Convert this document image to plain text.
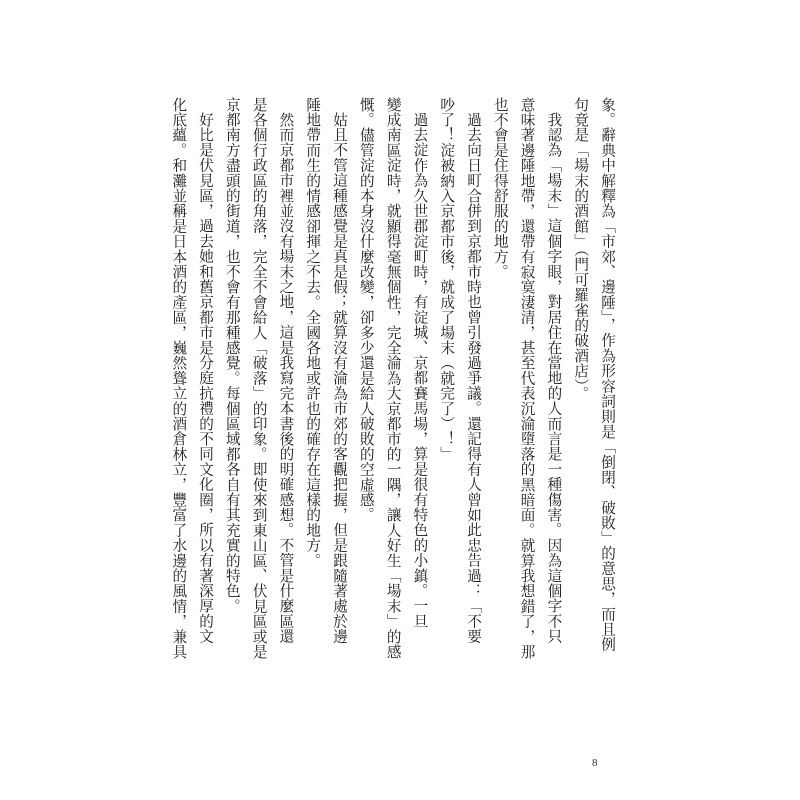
象。辭典中解釋為「市郊、邊陲」，作為形容詞則是「倒閉、破敗」的意思，而且例
句竟是「場末的酒館」（門可羅雀的破酒店）。
我認為「場末」這個字眼，對居住在當地的人而言是一種傷害。因為這個字不只
意味著邊陲地帶，還帶有寂寞淒清，甚至代表沉淪墮落的黑暗面。就算我想錯了，那
也不會是住得舒服的地方。
過去向日町合併到京都市時也曾引發過爭議。還記得有人曾如此忠告過：「不要
吵了！淀被納入京都市後，就成了場末（就完了）！」
過去淀作為久世郡淀町時，有淀城、京都賽馬場，算是很有特色的小鎮。一旦
變成南區淀時，就顯得毫無個性，完全淪為大京都市的一隅，讓人好生「場末」的感
慨。儘管淀的本身沒什麼改變，卻多少還是給人破敗的空虛感。
姑且不管這種感覺是真是假；就算沒有淪為市郊的客觀把握，但是跟隨著處於邊
陲地帶而生的情感卻揮之不去。全國各地或許也的確存在這樣的地方。
然而京都市裡並沒有場末之地，這是我寫完本書後的明確感想。不管是什麼區還
是各個行政區的角落，完全不會給人「破落」的印象。即使來到東山區、伏見區或是
京都南方盡頭的街道，也不會有那種感覺。每個區域都各自有其充實的特色。
好比是伏見區，過去她和舊京都市是分庭抗禮的不同文化圈，所以有著深厚的文
化底蘊。和灘並稱是日本酒的產區，巍然聳立的酒倉林立，豐富了水邊的風情，兼具
8
